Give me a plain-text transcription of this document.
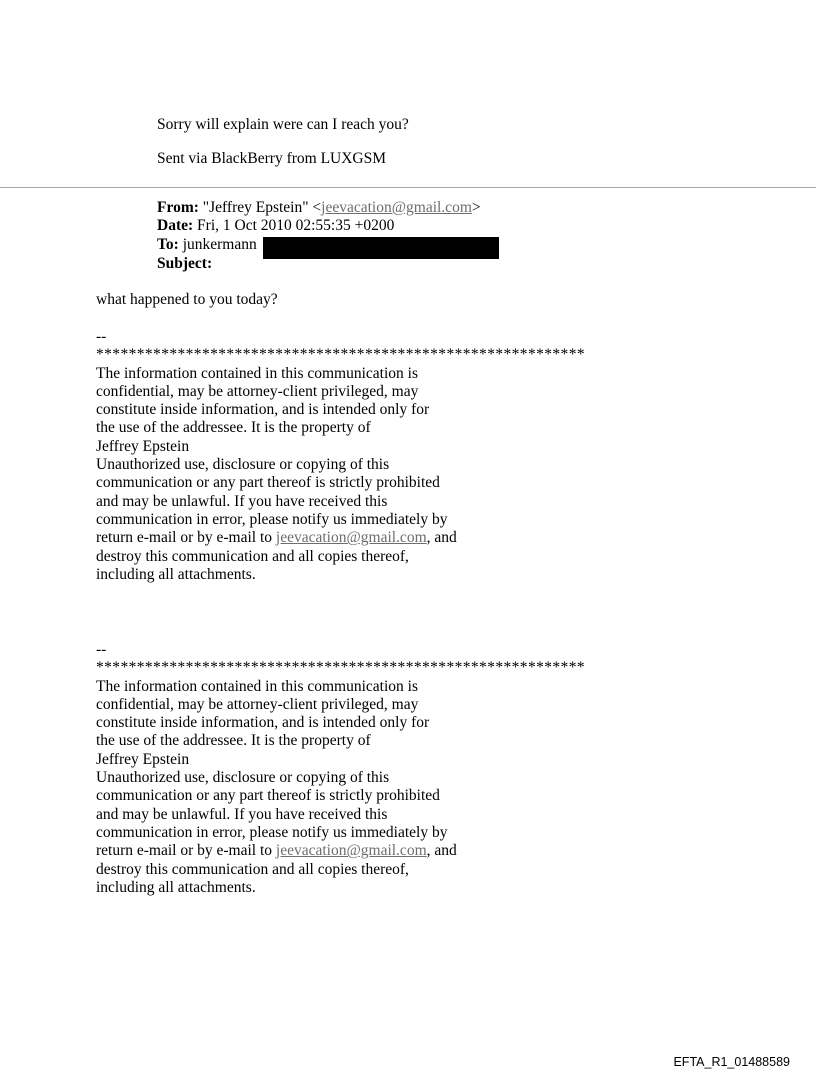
Sorry will explain were can I reach you?
Sent via BlackBerry from LUXGSM
From: "Jeffrey Epstein" <jeevacation@gmail.com>
Date: Fri, 1 Oct 2010 02:55:35 +0200
To: junkermann
Subject:
what happened to you today?
--
************************************************************
The information contained in this communication is
confidential, may be attorney-client privileged, may
constitute inside information, and is intended only for
the use of the addressee. It is the property of
Jeffrey Epstein
Unauthorized use, disclosure or copying of this
communication or any part thereof is strictly prohibited
and may be unlawful. If you have received this
communication in error, please notify us immediately by
return e-mail or by e-mail to jeevacation@gmail.com, and
destroy this communication and all copies thereof,
including all attachments.
--
************************************************************
The information contained in this communication is
confidential, may be attorney-client privileged, may
constitute inside information, and is intended only for
the use of the addressee. It is the property of
Jeffrey Epstein
Unauthorized use, disclosure or copying of this
communication or any part thereof is strictly prohibited
and may be unlawful. If you have received this
communication in error, please notify us immediately by
return e-mail or by e-mail to jeevacation@gmail.com, and
destroy this communication and all copies thereof,
including all attachments.
EFTA_R1_01488589
